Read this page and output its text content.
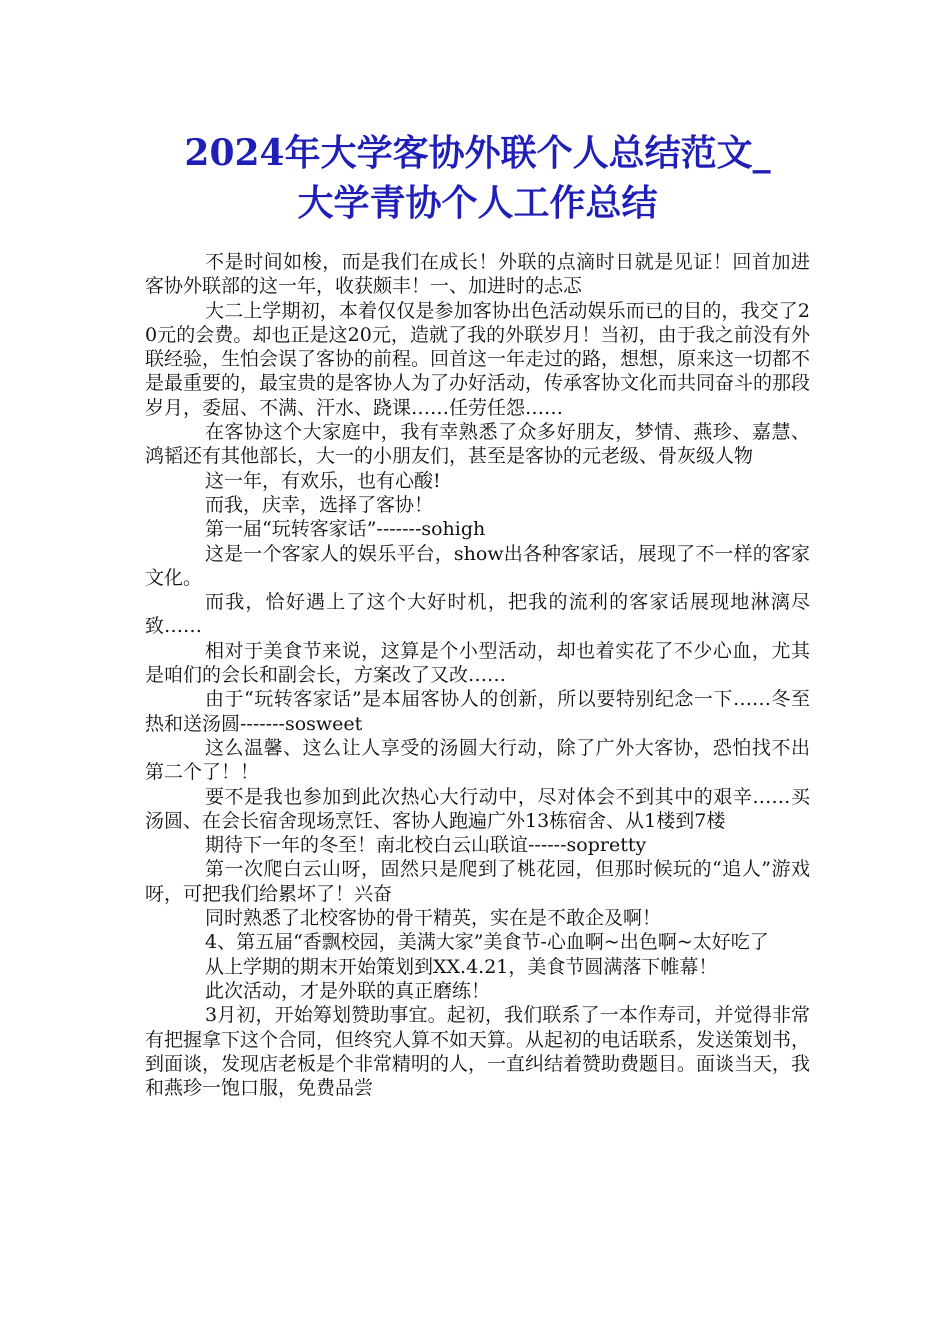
2024年大学客协外联个人总结范文_
大学青协个人工作总结

不是时间如梭，而是我们在成长！外联的点滴时日就是见证！回首加进客协外联部的这一年，收获颇丰！一、加进时的忐忑

大二上学期初，本着仅仅是参加客协出色活动娱乐而已的目的，我交了20元的会费。却也正是这20元，造就了我的外联岁月！当初，由于我之前没有外联经验，生怕会误了客协的前程。回首这一年走过的路，想想，原来这一切都不是最重要的，最宝贵的是客协人为了办好活动，传承客协文化而共同奋斗的那段岁月，委屈、不满、汗水、跷课……任劳任怨……

在客协这个大家庭中，我有幸熟悉了众多好朋友，梦情、燕珍、嘉慧、鸿韬还有其他部长，大一的小朋友们，甚至是客协的元老级、骨灰级人物

这一年，有欢乐，也有心酸!

而我，庆幸，选择了客协！

第一届“玩转客家话”-------sohigh

这是一个客家人的娱乐平台，show出各种客家话，展现了不一样的客家文化。

而我，恰好遇上了这个大好时机，把我的流利的客家话展现地淋漓尽致……

相对于美食节来说，这算是个小型活动，却也着实花了不少心血，尤其是咱们的会长和副会长，方案改了又改……

由于“玩转客家话”是本届客协人的创新，所以要特别纪念一下……冬至热和送汤圆-------sosweet

这么温馨、这么让人享受的汤圆大行动，除了广外大客协，恐怕找不出第二个了！！

要不是我也参加到此次热心大行动中，尽对体会不到其中的艰辛……买汤圆、在会长宿舍现场烹饪、客协人跑遍广外13栋宿舍、从1楼到7楼

期待下一年的冬至！南北校白云山联谊------sopretty

第一次爬白云山呀，固然只是爬到了桃花园，但那时候玩的“追人”游戏呀，可把我们给累坏了！兴奋

同时熟悉了北校客协的骨干精英，实在是不敢企及啊！

4、第五届“香飘校园，美满大家”美食节-心血啊~出色啊~太好吃了

从上学期的期末开始策划到XX.4.21，美食节圆满落下帷幕！

此次活动，才是外联的真正磨练！

3月初，开始筹划赞助事宜。起初，我们联系了一本作寿司，并觉得非常有把握拿下这个合同，但终究人算不如天算。从起初的电话联系，发送策划书，到面谈，发现店老板是个非常精明的人，一直纠结着赞助费题目。面谈当天，我和燕珍一饱口服，免费品尝
